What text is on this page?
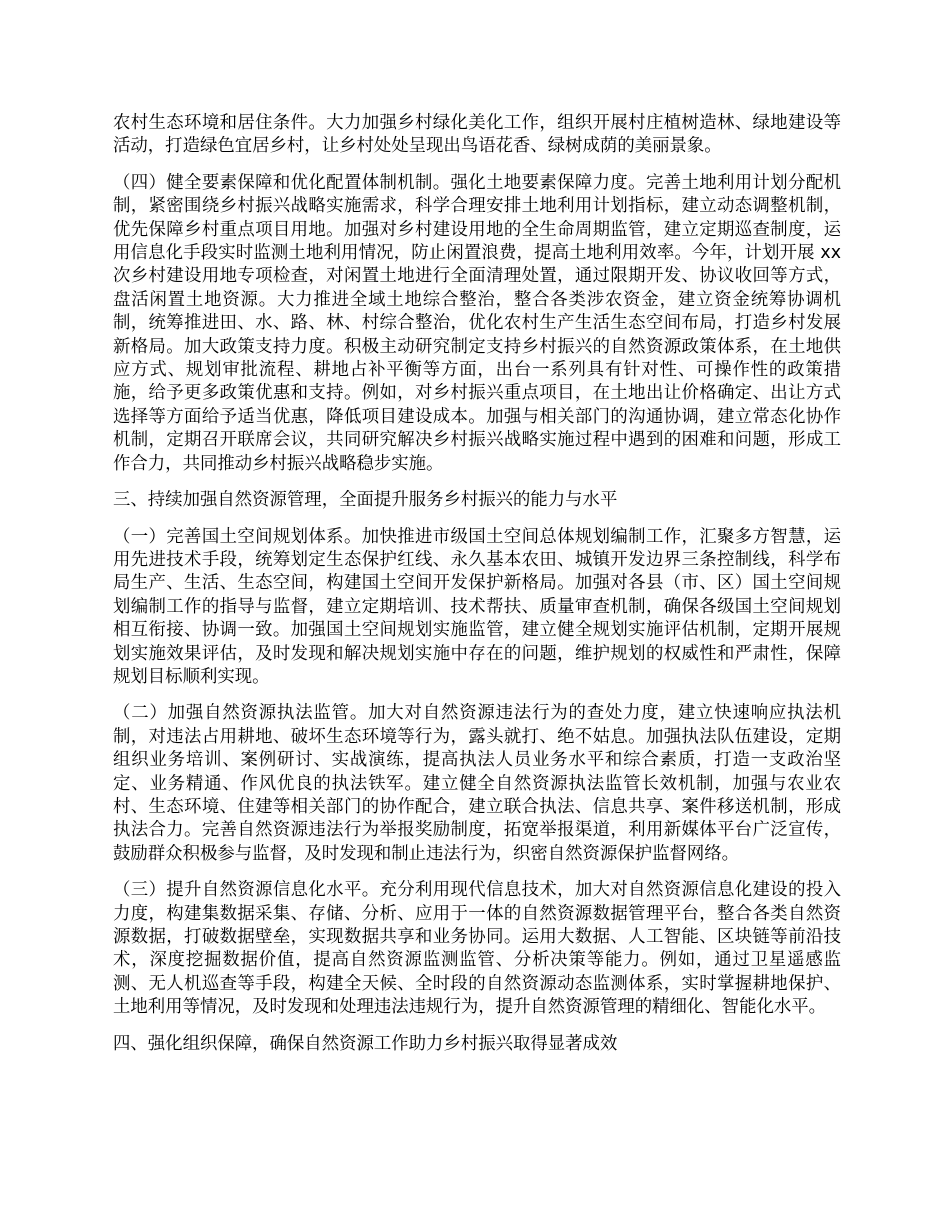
农村生态环境和居住条件。大力加强乡村绿化美化工作，组织开展村庄植树造林、绿地建设等活动，打造绿色宜居乡村，让乡村处处呈现出鸟语花香、绿树成荫的美丽景象。

（四）健全要素保障和优化配置体制机制。强化土地要素保障力度。完善土地利用计划分配机制，紧密围绕乡村振兴战略实施需求，科学合理安排土地利用计划指标，建立动态调整机制，优先保障乡村重点项目用地。加强对乡村建设用地的全生命周期监管，建立定期巡查制度，运用信息化手段实时监测土地利用情况，防止闲置浪费，提高土地利用效率。今年，计划开展 xx 次乡村建设用地专项检查，对闲置土地进行全面清理处置，通过限期开发、协议收回等方式，盘活闲置土地资源。大力推进全域土地综合整治，整合各类涉农资金，建立资金统筹协调机制，统筹推进田、水、路、林、村综合整治，优化农村生产生活生态空间布局，打造乡村发展新格局。加大政策支持力度。积极主动研究制定支持乡村振兴的自然资源政策体系，在土地供应方式、规划审批流程、耕地占补平衡等方面，出台一系列具有针对性、可操作性的政策措施，给予更多政策优惠和支持。例如，对乡村振兴重点项目，在土地出让价格确定、出让方式选择等方面给予适当优惠，降低项目建设成本。加强与相关部门的沟通协调，建立常态化协作机制，定期召开联席会议，共同研究解决乡村振兴战略实施过程中遇到的困难和问题，形成工作合力，共同推动乡村振兴战略稳步实施。

三、持续加强自然资源管理，全面提升服务乡村振兴的能力与水平

（一）完善国土空间规划体系。加快推进市级国土空间总体规划编制工作，汇聚多方智慧，运用先进技术手段，统筹划定生态保护红线、永久基本农田、城镇开发边界三条控制线，科学布局生产、生活、生态空间，构建国土空间开发保护新格局。加强对各县（市、区）国土空间规划编制工作的指导与监督，建立定期培训、技术帮扶、质量审查机制，确保各级国土空间规划相互衔接、协调一致。加强国土空间规划实施监管，建立健全规划实施评估机制，定期开展规划实施效果评估，及时发现和解决规划实施中存在的问题，维护规划的权威性和严肃性，保障规划目标顺利实现。

（二）加强自然资源执法监管。加大对自然资源违法行为的查处力度，建立快速响应执法机制，对违法占用耕地、破坏生态环境等行为，露头就打、绝不姑息。加强执法队伍建设，定期组织业务培训、案例研讨、实战演练，提高执法人员业务水平和综合素质，打造一支政治坚定、业务精通、作风优良的执法铁军。建立健全自然资源执法监管长效机制，加强与农业农村、生态环境、住建等相关部门的协作配合，建立联合执法、信息共享、案件移送机制，形成执法合力。完善自然资源违法行为举报奖励制度，拓宽举报渠道，利用新媒体平台广泛宣传，鼓励群众积极参与监督，及时发现和制止违法行为，织密自然资源保护监督网络。

（三）提升自然资源信息化水平。充分利用现代信息技术，加大对自然资源信息化建设的投入力度，构建集数据采集、存储、分析、应用于一体的自然资源数据管理平台，整合各类自然资源数据，打破数据壁垒，实现数据共享和业务协同。运用大数据、人工智能、区块链等前沿技术，深度挖掘数据价值，提高自然资源监测监管、分析决策等能力。例如，通过卫星遥感监测、无人机巡查等手段，构建全天候、全时段的自然资源动态监测体系，实时掌握耕地保护、土地利用等情况，及时发现和处理违法违规行为，提升自然资源管理的精细化、智能化水平。

四、强化组织保障，确保自然资源工作助力乡村振兴取得显著成效
